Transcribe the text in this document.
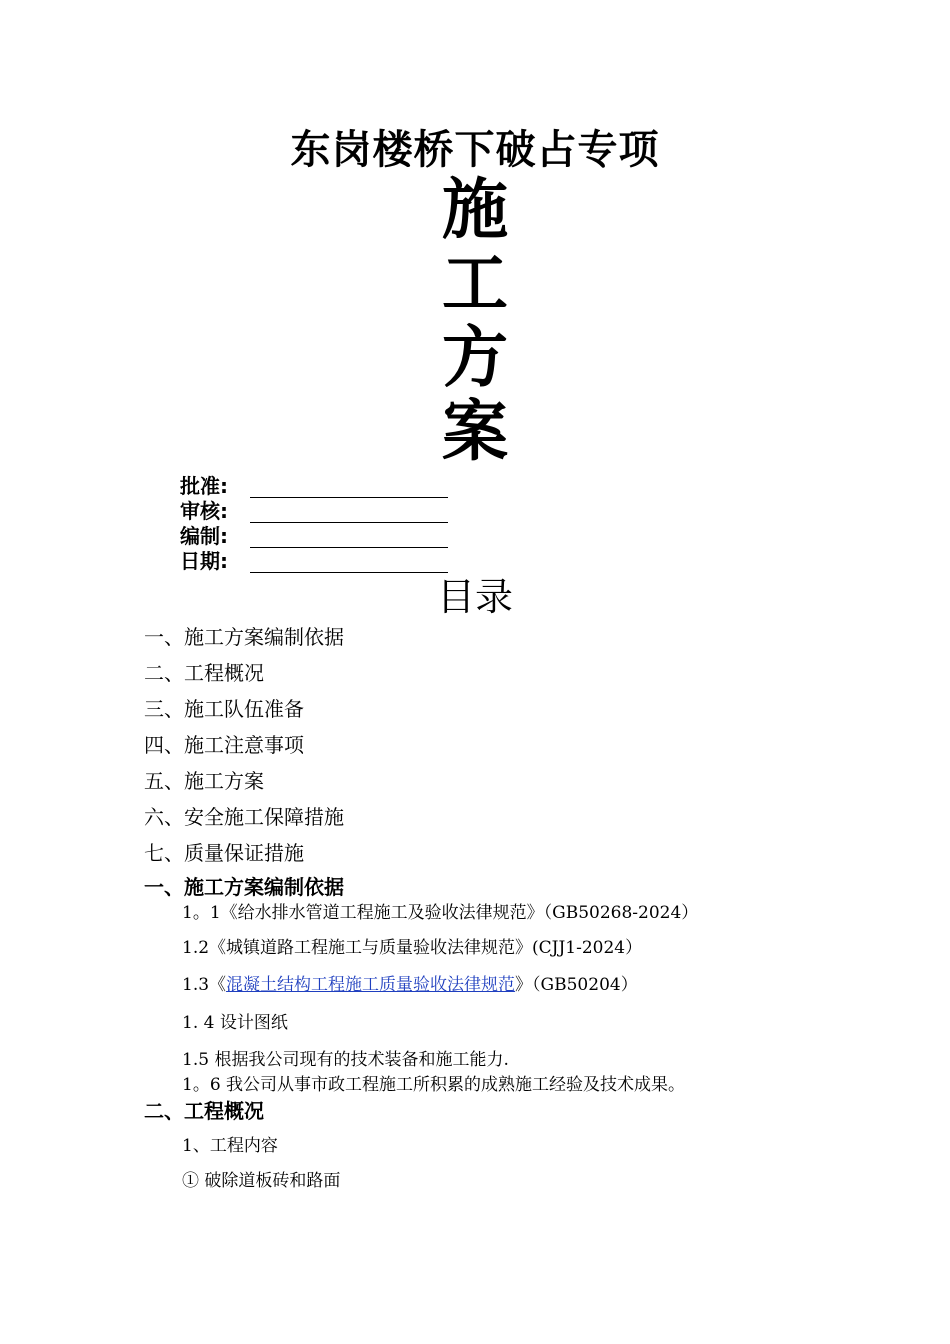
东岗楼桥下破占专项
施
工
方
案
批准:
审核:
编制:
日期:
目录
一、施工方案编制依据
二、工程概况
三、施工队伍准备
四、施工注意事项
五、施工方案
六、安全施工保障措施
七、质量保证措施
一、施工方案编制依据
1。1《给水排水管道工程施工及验收法律规范》（GB50268-2024）
1.2《城镇道路工程施工与质量验收法律规范》(CJJ1-2024）
1.3《混凝土结构工程施工质量验收法律规范》（GB50204）
1. 4 设计图纸
1.5 根据我公司现有的技术装备和施工能力.
1。6 我公司从事市政工程施工所积累的成熟施工经验及技术成果。
二、工程概况
1、工程内容
① 破除道板砖和路面
